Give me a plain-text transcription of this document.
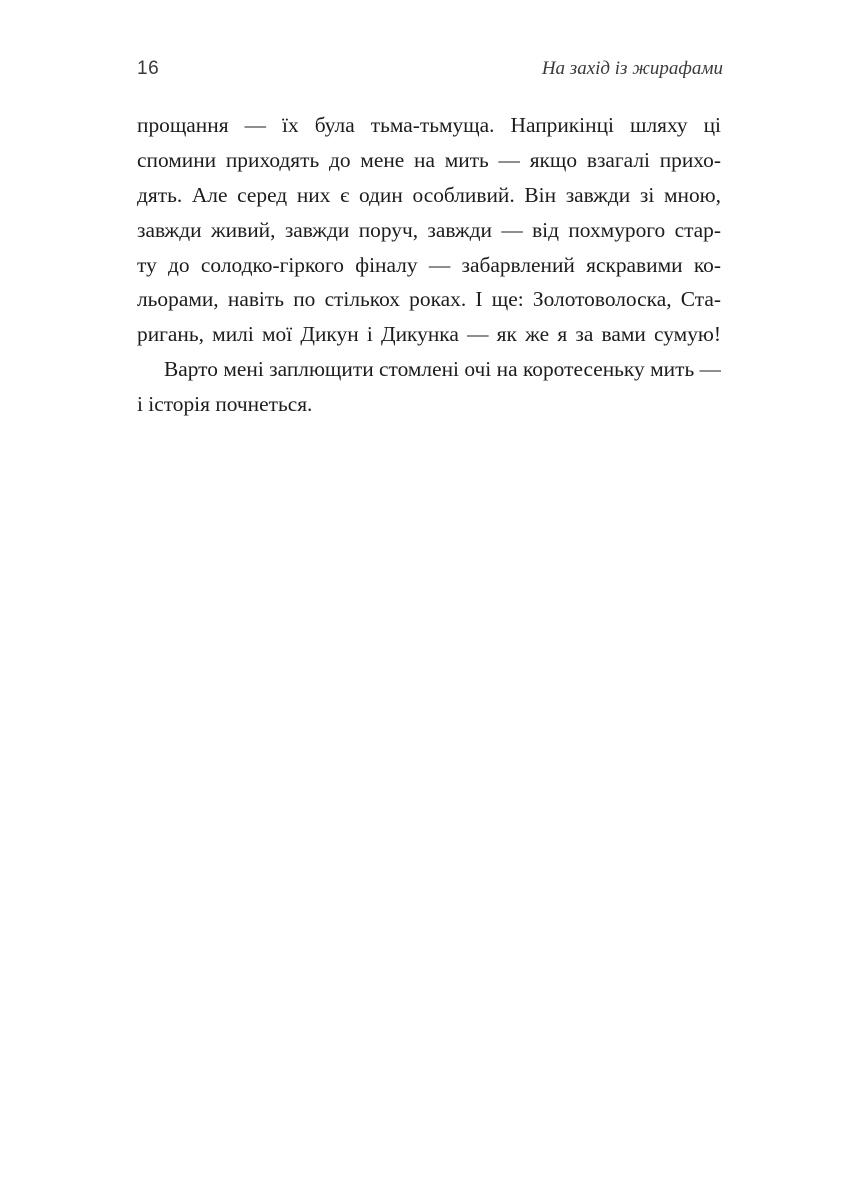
16	На захід із жирафами
прощання — їх була тьма-тьмуща. Наприкінці шляху ці
спомини приходять до мене на мить — якщо взагалі прихо-
дять. Але серед них є один особливий. Він завжди зі мною,
завжди живий, завжди поруч, завжди — від похмурого стар-
ту до солодко-гіркого фіналу — забарвлений яскравими ко-
льорами, навіть по стількох роках. І ще: Золотоволоска, Ста-
ригань, милі мої Дикун і Дикунка — як же я за вами сумую!
Варто мені заплющити стомлені очі на коротесеньку мить —
і історія почнеться.
